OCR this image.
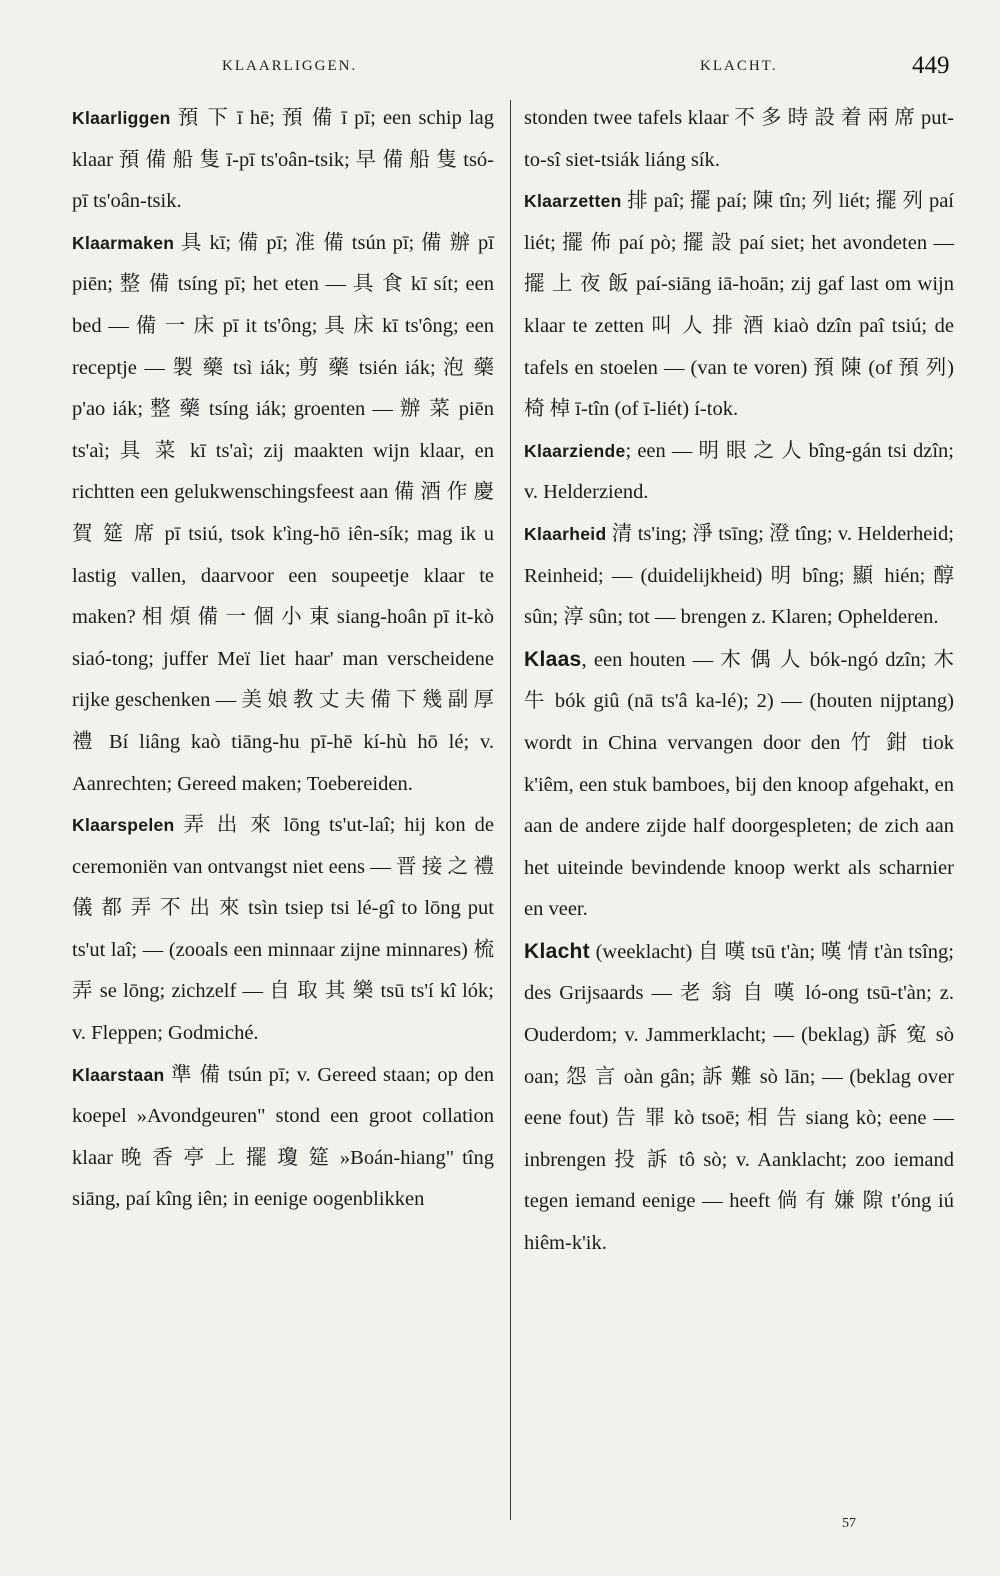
KLAARLIGGEN.	KLACHT.	449

Klaarliggen 預 下 ī hē; 預 備 ī pī; een schip lag klaar 預 備 船 隻 ī-pī ts'oân-tsik; 早 備 船 隻 tsó-pī ts'oân-tsik.

Klaarmaken 具 kī; 備 pī; 准 備 tsún pī; 備 辦 pī piēn; 整 備 tsíng pī; het eten — 具 食 kī sít; een bed — 備 一 床 pī it ts'ông; 具 床 kī ts'ông; een receptje — 製 藥 tsì iák; 剪 藥 tsién iák; 泡 藥 p'ao iák; 整 藥 tsíng iák; groenten — 辦 菜 piēn ts'aì; 具 菜 kī ts'aì; zij maakten wijn klaar, en richtten een gelukwenschingsfeest aan 備 酒 作 慶 賀 筵 席 pī tsiú, tsok k'ìng-hō iên-sík; mag ik u lastig vallen, daarvoor een soupeetje klaar te maken? 相 煩 備 一 個 小 東 siang-hoân pī it-kò siaó-tong; juffer Meï liet haar' man verscheidene rijke geschenken — 美 娘 教 丈 夫 備 下 幾 副 厚 禮 Bí liâng kaò tiāng-hu pī-hē kí-hù hō lé; v. Aanrechten; Gereed maken; Toebereiden.

Klaarspelen 弄 出 來 lōng ts'ut-laî; hij kon de ceremoniën van ontvangst niet eens — 晋 接 之 禮 儀 都 弄 不 出 來 tsìn tsiep tsi lé-gî to lōng put ts'ut laî; — (zooals een minnaar zijne minnares) 梳 弄 se lōng; zichzelf — 自 取 其 樂 tsū ts'í kî lók; v. Fleppen; Godmiché.

Klaarstaan 準 備 tsún pī; v. Gereed staan; op den koepel »Avondgeuren" stond een groot collation klaar 晚 香 亭 上 擺 瓊 筵 »Boán-hiang" tîng siāng, paí kîng iên; in eenige oogenblikken

stonden twee tafels klaar 不 多 時 設 着 兩 席 put-to-sî siet-tsiák liáng sík.

Klaarzetten 排 paî; 擺 paí; 陳 tîn; 列 liét; 擺 列 paí liét; 擺 佈 paí pò; 擺 設 paí siet; het avondeten — 擺 上 夜 飯 paí-siāng iā-hoān; zij gaf last om wijn klaar te zetten 叫 人 排 酒 kiaò dzîn paî tsiú; de tafels en stoelen — (van te voren) 預 陳 (of 預 列) 椅 棹 ī-tîn (of ī-liét) í-tok.

Klaarziende; een — 明 眼 之 人 bîng-gán tsi dzîn; v. Helderziend.

Klaarheid 清 ts'ing; 淨 tsīng; 澄 tîng; v. Helderheid; Reinheid; — (duidelijkheid) 明 bîng; 顯 hién; 醇 sûn; 淳 sûn; tot — brengen z. Klaren; Ophelderen.

Klaas, een houten — 木 偶 人 bók-ngó dzîn; 木 牛 bók giû (nā ts'â ka-lé); 2) — (houten nijptang) wordt in China vervangen door den 竹 鉗 tiok k'iêm, een stuk bamboes, bij den knoop afgehakt, en aan de andere zijde half doorgespleten; de zich aan het uiteinde bevindende knoop werkt als scharnier en veer.

Klacht (weeklacht) 自 嘆 tsū t'àn; 嘆 情 t'àn tsîng; des Grijsaards — 老 翁 自 嘆 ló-ong tsū-t'àn; z. Ouderdom; v. Jammerklacht; — (beklag) 訴 寃 sò oan; 怨 言 oàn gân; 訴 難 sò lān; — (beklag over eene fout) 告 罪 kò tsoē; 相 告 siang kò; eene — inbrengen 投 訴 tô sò; v. Aanklacht; zoo iemand tegen iemand eenige — heeft 倘 有 嫌 隙 t'óng iú hiêm-k'ik.

57
